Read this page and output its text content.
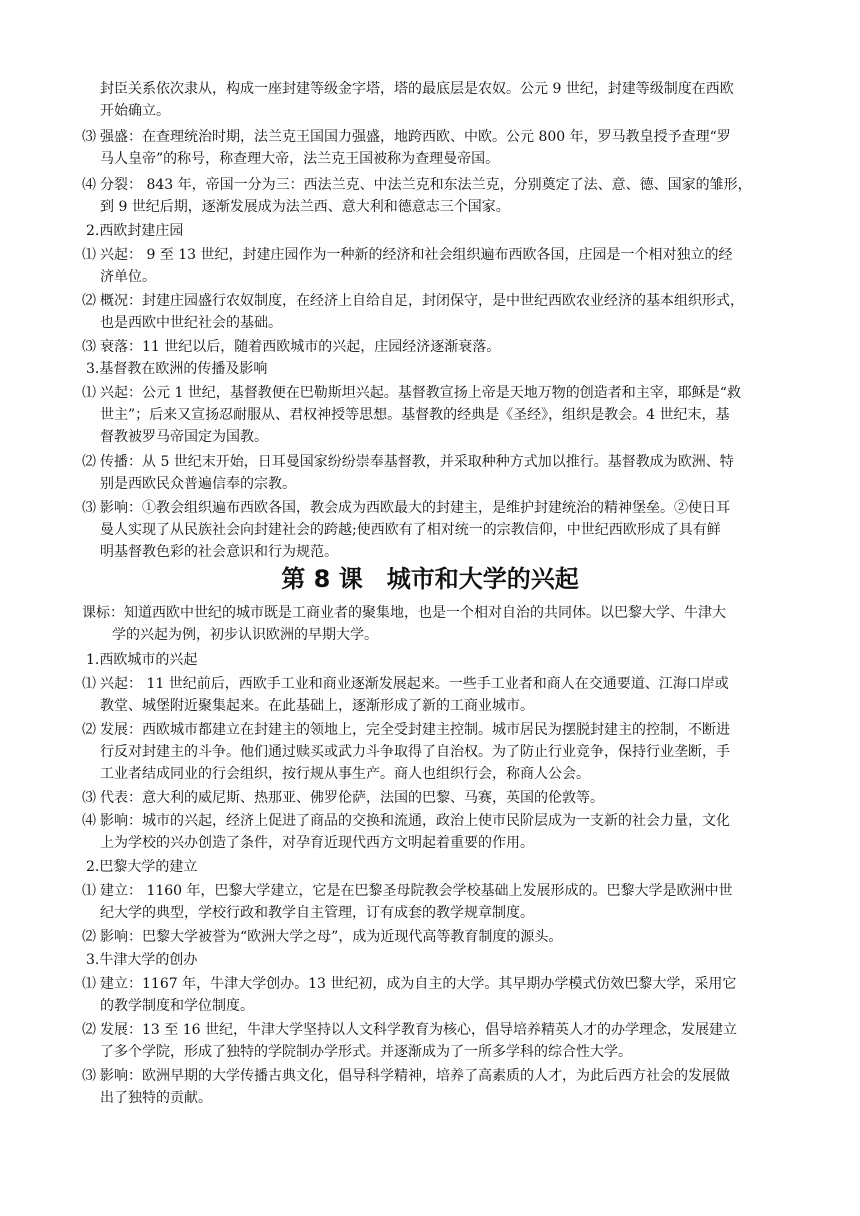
封臣关系依次隶从，构成一座封建等级金字塔，塔的最底层是农奴。公元 9 世纪，封建等级制度在西欧
开始确立。
⑶ 强盛：在查理统治时期，法兰克王国国力强盛，地跨西欧、中欧。公元 800 年，罗马教皇授予查理“罗
马人皇帝”的称号，称查理大帝，法兰克王国被称为查理曼帝国。
⑷ 分裂： 843 年，帝国一分为三：西法兰克、中法兰克和东法兰克，分别奠定了法、意、德、国家的雏形，
到 9 世纪后期，逐渐发展成为法兰西、意大利和德意志三个国家。
2.西欧封建庄园
⑴ 兴起： 9 至 13 世纪，封建庄园作为一种新的经济和社会组织遍布西欧各国，庄园是一个相对独立的经
济单位。
⑵ 概况：封建庄园盛行农奴制度，在经济上自给自足，封闭保守，是中世纪西欧农业经济的基本组织形式，
也是西欧中世纪社会的基础。
⑶ 衰落：11 世纪以后，随着西欧城市的兴起，庄园经济逐渐衰落。
3.基督教在欧洲的传播及影响
⑴ 兴起：公元 1 世纪，基督教便在巴勒斯坦兴起。基督教宣扬上帝是天地万物的创造者和主宰，耶稣是“救
世主”；后来又宣扬忍耐服从、君权神授等思想。基督教的经典是《圣经》，组织是教会。4 世纪末，基
督教被罗马帝国定为国教。
⑵ 传播：从 5 世纪末开始，日耳曼国家纷纷崇奉基督教，并采取种种方式加以推行。基督教成为欧洲、特
别是西欧民众普遍信奉的宗教。
⑶ 影响：①教会组织遍布西欧各国，教会成为西欧最大的封建主，是维护封建统治的精神堡垒。②使日耳
曼人实现了从民族社会向封建社会的跨越;使西欧有了相对统一的宗教信仰，中世纪西欧形成了具有鲜
明基督教色彩的社会意识和行为规范。
第 8 课　城市和大学的兴起
课标：知道西欧中世纪的城市既是工商业者的聚集地，也是一个相对自治的共同体。以巴黎大学、牛津大
学的兴起为例，初步认识欧洲的早期大学。
1.西欧城市的兴起
⑴ 兴起： 11 世纪前后，西欧手工业和商业逐渐发展起来。一些手工业者和商人在交通要道、江海口岸或
教堂、城堡附近聚集起来。在此基础上，逐渐形成了新的工商业城市。
⑵ 发展：西欧城市都建立在封建主的领地上，完全受封建主控制。城市居民为摆脱封建主的控制，不断进
行反对封建主的斗争。他们通过赎买或武力斗争取得了自治权。为了防止行业竞争，保持行业垄断，手
工业者结成同业的行会组织，按行规从事生产。商人也组织行会，称商人公会。
⑶ 代表：意大利的威尼斯、热那亚、佛罗伦萨，法国的巴黎、马赛，英国的伦敦等。
⑷ 影响：城市的兴起，经济上促进了商品的交换和流通，政治上使市民阶层成为一支新的社会力量，文化
上为学校的兴办创造了条件，对孕育近现代西方文明起着重要的作用。
2.巴黎大学的建立
⑴ 建立： 1160 年，巴黎大学建立，它是在巴黎圣母院教会学校基础上发展形成的。巴黎大学是欧洲中世
纪大学的典型，学校行政和教学自主管理，订有成套的教学规章制度。
⑵ 影响：巴黎大学被誉为“欧洲大学之母”，成为近现代高等教育制度的源头。
3.牛津大学的创办
⑴ 建立：1167 年，牛津大学创办。13 世纪初，成为自主的大学。其早期办学模式仿效巴黎大学，采用它
的教学制度和学位制度。
⑵ 发展：13 至 16 世纪，牛津大学坚持以人文科学教育为核心，倡导培养精英人才的办学理念，发展建立
了多个学院，形成了独特的学院制办学形式。并逐渐成为了一所多学科的综合性大学。
⑶ 影响：欧洲早期的大学传播古典文化，倡导科学精神，培养了高素质的人才，为此后西方社会的发展做
出了独特的贡献。
